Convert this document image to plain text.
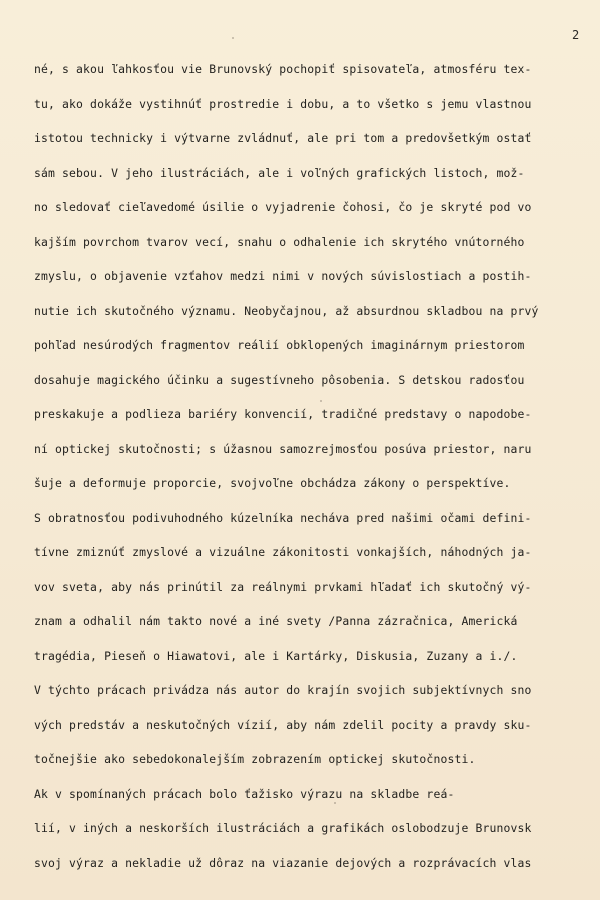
2
né, s akou ľahkosťou vie Brunovský pochopiť spisovateľa, atmosféru tex-
tu, ako dokáže vystihnúť prostredie i dobu, a to všetko s jemu vlastnou
istotou technicky i výtvarne zvládnuť, ale pri tom a predovšetkým ostať
sám sebou. V jeho ilustráciách, ale i voľných grafických listoch, mož-
no sledovať cieľavedomé úsilie o vyjadrenie čohosi, čo je skryté pod vo
kajším povrchom tvarov vecí, snahu o odhalenie ich skrytého vnútorného
zmyslu, o objavenie vzťahov medzi nimi v nových súvislostiach a postih-
nutie ich skutočného významu. Neobyčajnou, až absurdnou skladbou na prvý
pohľad nesúrodých fragmentov reálií obklopených imaginárnym priestorom
dosahuje magického účinku a sugestívneho pôsobenia. S detskou radosťou
preskakuje a podlieza bariéry konvencií, tradičné predstavy o napodobe-
ní optickej skutočnosti; s úžasnou samozrejmosťou posúva priestor, naru
šuje a deformuje proporcie, svojvoľne obchádza zákony o perspektíve.
S obratnosťou podivuhodného kúzelníka necháva pred našimi očami defini-
tívne zmiznúť zmyslové a vizuálne zákonitosti vonkajších, náhodných ja-
vov sveta, aby nás prinútil za reálnymi prvkami hľadať ich skutočný vý-
znam a odhalil nám takto nové a iné svety /Panna zázračnica, Americká
tragédia, Pieseň o Hiawatovi, ale i Kartárky, Diskusia, Zuzany a i./.
V týchto prácach privádza nás autor do krajín svojich subjektívnych sno
vých predstáv a neskutočných vízií, aby nám zdelil pocity a pravdy sku-
točnejšie ako sebedokonalejším zobrazením optickej skutočnosti.
Ak v spomínaných prácach bolo ťažisko výrazu na skladbe reá-
lií, v iných a neskorších ilustráciách a grafikách oslobodzuje Brunovsk
svoj výraz a nekladie už dôraz na viazanie dejových a rozprávacích vlas
